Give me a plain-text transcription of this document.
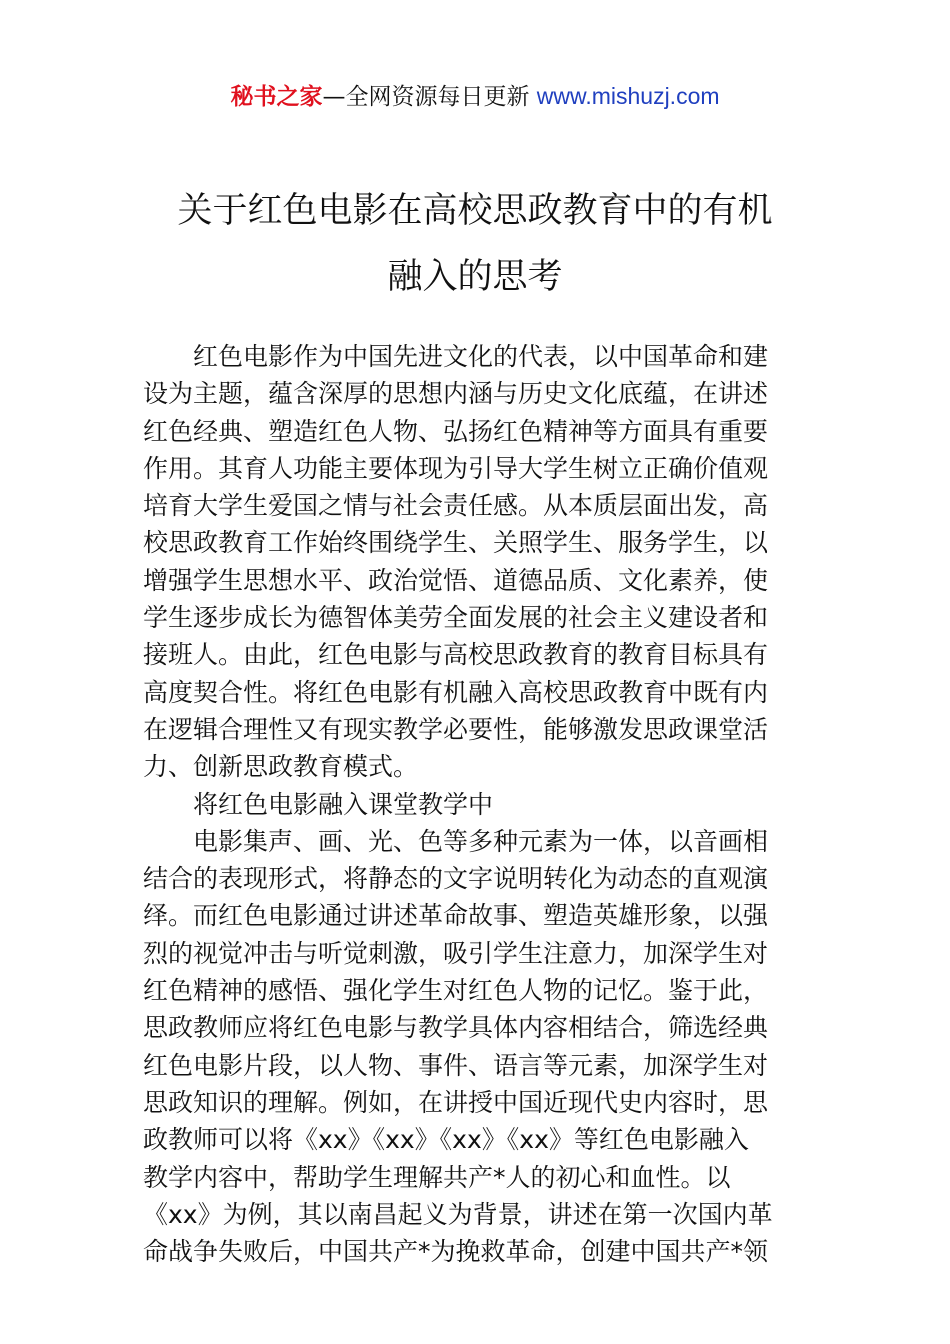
秘书之家—全网资源每日更新 www.mishuzj.com
关于红色电影在高校思政教育中的有机
融入的思考

红色电影作为中国先进文化的代表，以中国革命和建
设为主题，蕴含深厚的思想内涵与历史文化底蕴，在讲述
红色经典、塑造红色人物、弘扬红色精神等方面具有重要
作用。其育人功能主要体现为引导大学生树立正确价值观
培育大学生爱国之情与社会责任感。从本质层面出发，高
校思政教育工作始终围绕学生、关照学生、服务学生，以
增强学生思想水平、政治觉悟、道德品质、文化素养，使
学生逐步成长为德智体美劳全面发展的社会主义建设者和
接班人。由此，红色电影与高校思政教育的教育目标具有
高度契合性。将红色电影有机融入高校思政教育中既有内
在逻辑合理性又有现实教学必要性，能够激发思政课堂活
力、创新思政教育模式。

将红色电影融入课堂教学中

电影集声、画、光、色等多种元素为一体，以音画相
结合的表现形式，将静态的文字说明转化为动态的直观演
绎。而红色电影通过讲述革命故事、塑造英雄形象，以强
烈的视觉冲击与听觉刺激，吸引学生注意力，加深学生对
红色精神的感悟、强化学生对红色人物的记忆。鉴于此，
思政教师应将红色电影与教学具体内容相结合，筛选经典
红色电影片段，以人物、事件、语言等元素，加深学生对
思政知识的理解。例如，在讲授中国近现代史内容时，思
政教师可以将《xx》《xx》《xx》《xx》等红色电影融入
教学内容中，帮助学生理解共产*人的初心和血性。以
《xx》为例，其以南昌起义为背景，讲述在第一次国内革
命战争失败后，中国共产*为挽救革命，创建中国共产*领
